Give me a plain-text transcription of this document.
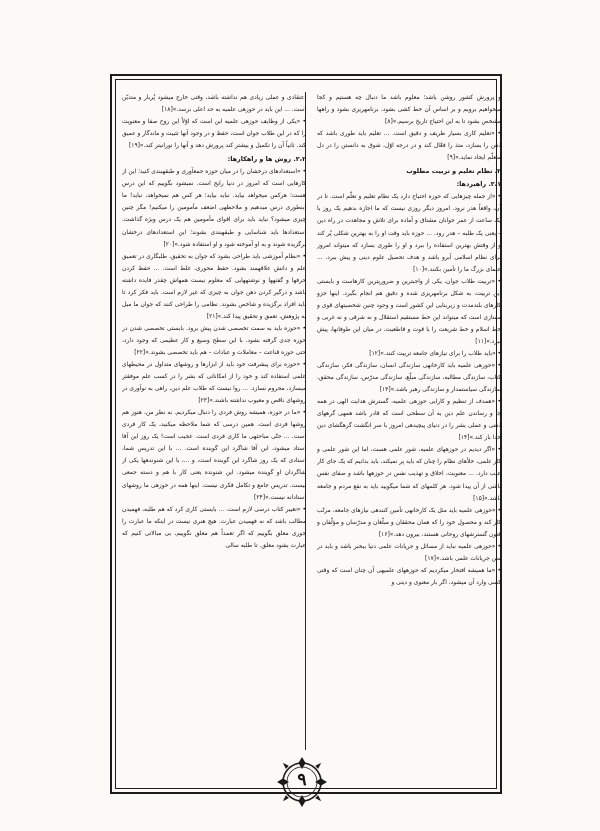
و پرورش کشور روشن باشد؛ معلوم باشد ما دنبال چه هستیم و کجا میخواهیم برویم و بر اساس آن خط کشی بشود، برنامهریزی بشود و راهها مشخص بشود تا به این احتیاج تاریخ برسیم.»[۸]

• «تعلیم کاری بسیار ظریف و دقیق است. ... تعلیم باید طوری باشد که ذهن را بسازد، متذ را فعّال کند و در درجه اوّل، شوق به دانستن را در دل متعلّم ایجاد نماید.»[۹]

۲. نظام تعلیم و تربیت مطلوب

۲،۱. راهبردها:

• «از جمله چیزهایی که حوزه احتیاج دارد یک نظام تعلیم و تعلّم است. تا در آن، واقعاً هدر نرود. امروز دیگر روزی نیست که ما اجازه بدهیم یک روز یا یک ساعت از عمر جوانان مشتاق و آماده برای تلاش و مجاهدت در راه دین – یعنی یک طلبه – هدر رود. ... حوزه باید وقت او را به بهترین شکلی پُر کند و از وقتش بهترین استفاده را ببرد و او را طوری بسازد که میتواند امروز برای نظام اسلامی آبرو باشد و هدف تحصیل علوم دینی و پیش ببرد. ... علمای بزرگ ما را تأمین بکنند.»[۱۰]

• «تربیت طلاب جوان، یکی از واجبترین و ضروریترین کارهاست و بایستی این تربیت، به شکل برنامهریزی شده و دقیق هم انجام بگیرد. اینها جزو کارهای بلندمدت و زیربنایی این کشور است و وجود چنین شخصیتهای قوی و ممتازی است که میتواند این خط مستقیم استقلال و نه شرقی و نه غربی و خط اسلام و خط شریعت را با قوت و قاطعیت، در میان این طوفانها، پیش ببرد.»[۱۱]

• «باید طلاب را برای نیازهای جامعه تربیت کنند.»[۱۲]

• «حوزهی علمیه باید کارخانهی سازندگی انسان، سازندگی فکر، سازندگی کتاب، سازندگی مطالبه، سازندگی مبلّغ، سازندگی مدرّس، سازندگی محقق، سازندگی سیاستمدار و سازندگی رهبر باشد.»[۱۳]

• «همدف از تنظیم و کارایی حوزهی علمیه، گسترش هدایت الهی در همه جا و رساندن علم دین به آن سطحی است که قادر باشد همهی گرههای ذهنی و عملی بشر را در دنیای پیچیدهی امروز با سر انگشت گرهگشای دین خدا باز کند.»[۱۴]

• «اگر دیدیم در حوزههای علمیه، شور علمی هست، اما این شور علمی و کار علمی، خلأهای نظام را چنان که باید پر نمیکند، باید بدانیم که یک جای کار عیب دارد. ... معنویت، اخلاق و تهذیب نفس در حوزهها باشد و صفای نفس ناشی از آن پیدا شود. هر کلمهای که شما میگویید باید به نفع مردم و جامعه باشد.»[۱۵]

• «حوزهی علمیه باید مثل یک کارخانهی تأمین کنندهی نیازهای جامعه، مرتّب کار کند و محصول خود را که همان محققان و مبلّغان و مدرّسان و مؤلّفان و فنون گسترشهای روحانی هستند، بیرون دهد.»[۱۶]

• «حوزهی علمیه نباید از مسائل و جریانات علمی دنیا بیخبر باشد و باید در متن جریانات علمی باشد.»[۱۷]

• «ما همیشه افتخار میکردیم که حوزههای علمیهی آن چنان است که وقتی کسی وارد آن میشود، اگر بار معنوی و دینی و

اعتقادی و عملی زیادی هم نداشته باشد، وقتی خارج میشود پُربار و متدیّن است. ... این باید در حوزهی علمیه به حد اعلی برسد.»[۱۸]

• «یکی از وظایف حوزهی علمیه این است که اوّلاً این روح صفا و معنویت را که در این طلاب جوان است، حفظ و در وجود آنها تثبیت و ماندگار و عمیق کند. ثانیاً آن را تکمیل و بیشتر کند پرورش دهد و آنها را نورانیتر کند.»[۱۹]

۲،۲. روش ها و راهکارها:

• «استعدادهای درخشان را در میان حوزه جمعآوری و طبقهبندی کنید؛ این از کارهایی است که امروز در دنیا رایج است. نمیشود بگوییم که این درس هست؛ هرکس میخواهد بیاید. نباید بیاید؛ هر کس هم نمیخواهد، نباید! ما اینطوری درس میدهیم و ملاحظهی اضعف مأمومین را میکنیم! مگر چنین چیزی میشود؟ نباید باید برای اقوای مأمومین هم یک درس ویژه گذاشت. استعدادها باید شناسایی و طبقهبندی بشوند؛ این استعدادهای درخشان برگزیده شوند و به او آموخته شود و او استفاده شود.»[۲۰]

• «نظام آموزشی باید طراحی بشود که جوان به تحقیق، طلبگاری در تعمیق علم و دانش علاقهمند بشود. حفظ محوری، غلط است. ... حفظ کردن حرفها و گفتهها و نوشتههایی که معلوم نیست همهاش چقدر فایده داشته باشد و درگیر کردن ذهن جوان به چیزی که غیر لازم است. باید فکر کرد تا باید افراد برگزیده و شاخص بشوند. نظامی را طراحی کنند که جوان ما میل به پژوهش، تعمق و تحقیق پیدا کند.»[۲۱]

• «حوزه باید به سمت تخصصی شدن پیش برود. بایستی تخصصی شدن در حوزه جدی گرفته بشود. با این سطح وسیع و کار عظیمی که وجود دارد، حتی حوزه قناعت – معاملات و عبادات – هم باید تخصصی بشوند.»[۲۲]

• «حوزه برای پیشرفت خود باید از ابزارها و روشهای متداول در محیطهای علمی استفاده کند و خود را از امکاناتی که بشر را در کسب علم موفقتر میسازد، محروم نسازد. ... روا نیست که طلاب علم دین، راهی به نوآوری در روشهای ناقص و معیوب نداشته باشند.»[۲۳]

• «ما در حوزه، همیشه روش فردی را دنبال میکردیم. به نظر من، هنوز هم روشها فردی است. همین درسی که شما ملاحظه میکنید، یک کار فردی است. ... حتّی مباحثهی ما کاری فردی است. عجیب است! یک روز این آقا استاد میشود، این آقا شاگرد این گوینده است. ... با این تدریس شما، استادی که یک روز شاگرد این گوینده است، و ...، با این شنوندهها یکی از شاگردان او گوینده میشود. این شنونده یعنی کار با هم و دسته جمعی نیست. تدریس جامع و تکامل فکری نیست. اینها همه در حوزهی ما روشهای استادانه نیست.»[۲۴]

• «تغییر کتاب درسی لازم است. ... بایستی کاری کرد که هم طلبه، فهمیدن مطالب باشد که نه فهمیدن عبارت. هیچ هنری نیست در اینکه ما عبارت را جوری معلق بگوییم که اگر تعمداً هم معلق نگوییم، بی مبالاتی کنیم که عبارت بشود معلق. تا طلبه سالی

۹
